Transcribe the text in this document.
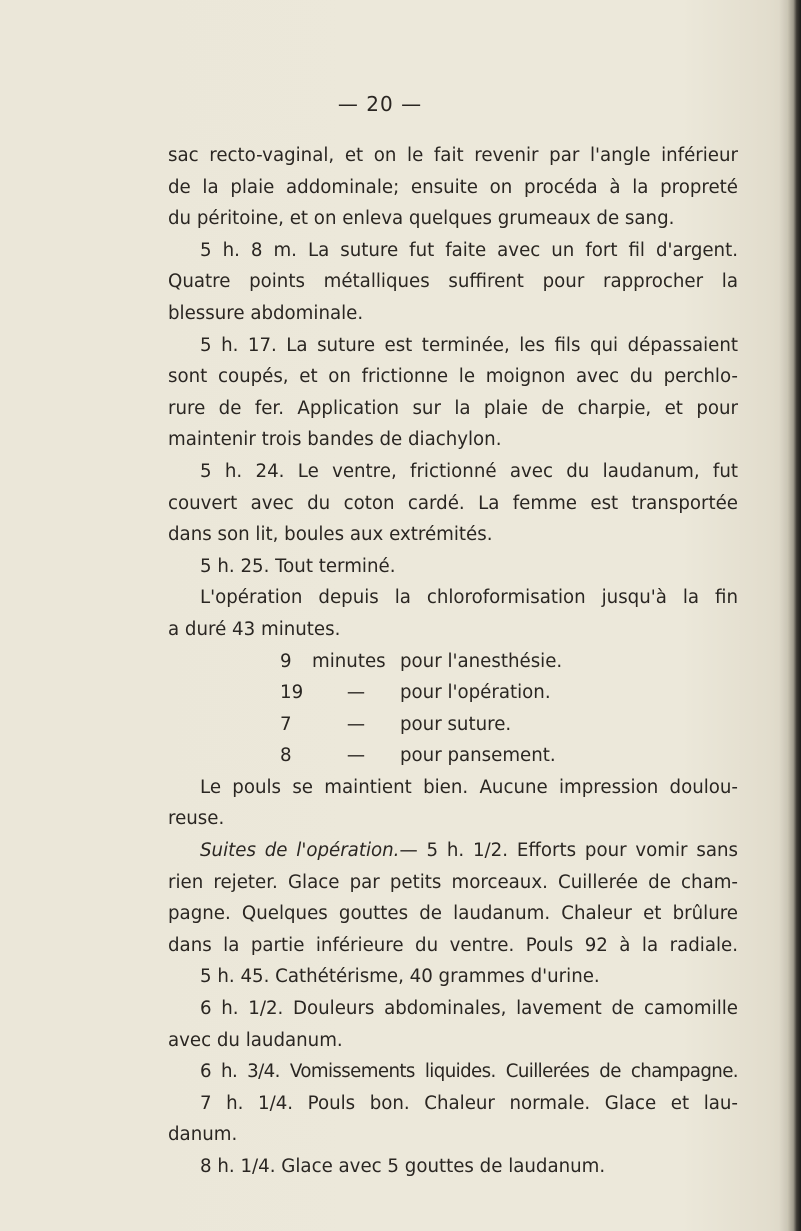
— 20 —
sac recto-vaginal, et on le fait revenir par l'angle inférieur
de la plaie addominale; ensuite on procéda à la propreté
du péritoine, et on enleva quelques grumeaux de sang.
5 h. 8 m. La suture fut faite avec un fort fil d'argent.
Quatre points métalliques suffirent pour rapprocher la
blessure abdominale.
5 h. 17. La suture est terminée, les fils qui dépassaient
sont coupés, et on frictionne le moignon avec du perchlo-
rure de fer. Application sur la plaie de charpie, et pour
maintenir trois bandes de diachylon.
5 h. 24. Le ventre, frictionné avec du laudanum, fut
couvert avec du coton cardé. La femme est transportée
dans son lit, boules aux extrémités.
5 h. 25. Tout terminé.
L'opération depuis la chloroformisation jusqu'à la fin
a duré 43 minutes.
9 minutes pour l'anesthésie.
19 — pour l'opération.
7	— pour suture.
8	— pour pansement.
Le pouls se maintient bien. Aucune impression doulou-
reuse.
Suites de l'opération.— 5 h. 1/2. Efforts pour vomir sans
rien rejeter. Glace par petits morceaux. Cuillerée de cham-
pagne. Quelques gouttes de laudanum. Chaleur et brûlure
dans la partie inférieure du ventre. Pouls 92 à la radiale.
5 h. 45. Cathétérisme, 40 grammes d'urine.
6 h. 1/2. Douleurs abdominales, lavement de camomille
avec du laudanum.
6 h. 3/4. Vomissements liquides. Cuillerées de champagne.
7 h. 1/4. Pouls bon. Chaleur normale. Glace et lau-
danum.
8 h. 1/4. Glace avec 5 gouttes de laudanum.
